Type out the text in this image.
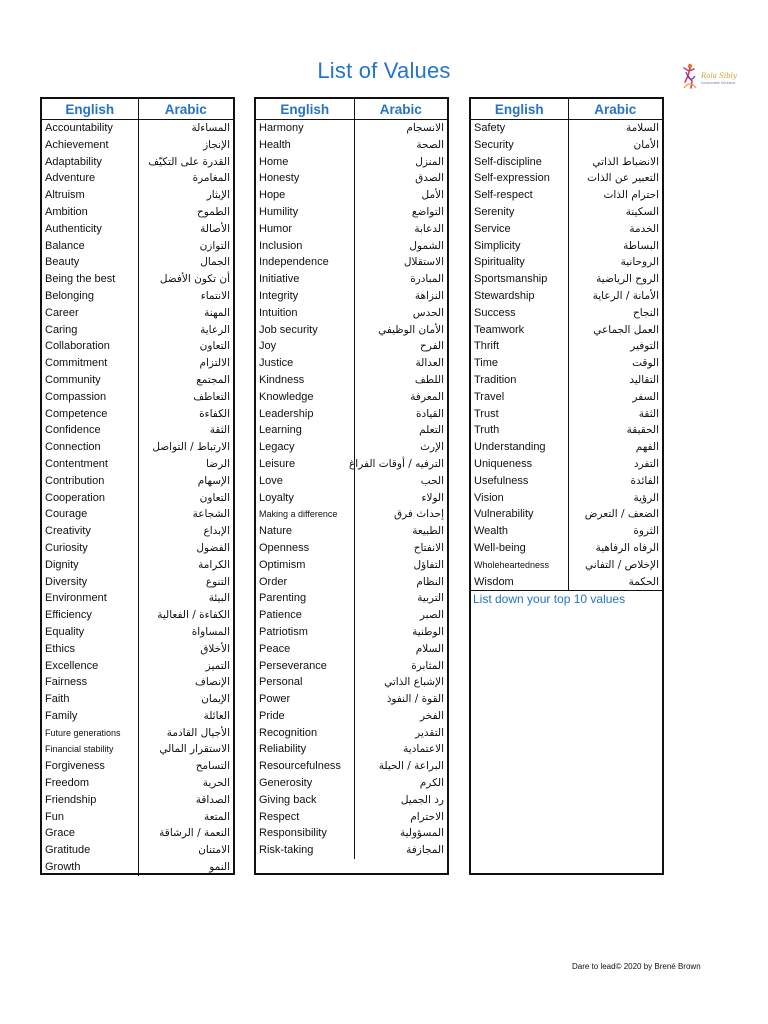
List of Values	Rola Sibly
Sustainable Solutions
English	Arabic
Accountability	المساءلة
Achievement	الإنجاز
Adaptability	القدرة على التكيّف
Adventure	المغامرة
Altruism	الإيثار
Ambition	الطموح
Authenticity	الأصالة
Balance	التوازن
Beauty	الجمال
Being the best	أن تكون الأفضل
Belonging	الانتماء
Career	المهنة
Caring	الرعاية
Collaboration	التعاون
Commitment	الالتزام
Community	المجتمع
Compassion	التعاطف
Competence	الكفاءة
Confidence	الثقة
Connection	الارتباط / التواصل
Contentment	الرضا
Contribution	الإسهام
Cooperation	التعاون
Courage	الشجاعة
Creativity	الإبداع
Curiosity	الفضول
Dignity	الكرامة
Diversity	التنوع
Environment	البيئة
Efficiency	الكفاءة / الفعالية
Equality	المساواة
Ethics	الأخلاق
Excellence	التميز
Fairness	الإنصاف
Faith	الإيمان
Family	العائلة
Future generations	الأجيال القادمة
Financial stability	الاستقرار المالي
Forgiveness	التسامح
Freedom	الحرية
Friendship	الصداقة
Fun	المتعة
Grace	النعمة / الرشاقة
Gratitude	الامتنان
Growth	النمو
English	Arabic
Harmony	الانسجام
Health	الصحة
Home	المنزل
Honesty	الصدق
Hope	الأمل
Humility	التواضع
Humor	الدعابة
Inclusion	الشمول
Independence	الاستقلال
Initiative	المبادرة
Integrity	النزاهة
Intuition	الحدس
Job security	الأمان الوظيفي
Joy	الفرح
Justice	العدالة
Kindness	اللطف
Knowledge	المعرفة
Leadership	القيادة
Learning	التعلم
Legacy	الإرث
Leisure	الترفيه / أوقات الفراغ
Love	الحب
Loyalty	الولاء
Making a difference	إحداث فرق
Nature	الطبيعة
Openness	الانفتاح
Optimism	التفاؤل
Order	النظام
Parenting	التربية
Patience	الصبر
Patriotism	الوطنية
Peace	السلام
Perseverance	المثابرة
Personal	الإشباع الذاتي
Power	القوة / النفوذ
Pride	الفخر
Recognition	التقدير
Reliability	الاعتمادية
Resourcefulness	البراعة / الحيلة
Generosity	الكرم
Giving back	رد الجميل
Respect	الاحترام
Responsibility	المسؤولية
Risk-taking	المجازفة
English	Arabic
Safety	السلامة
Security	الأمان
Self-discipline	الانضباط الذاتي
Self-expression	التعبير عن الذات
Self-respect	احترام الذات
Serenity	السكينة
Service	الخدمة
Simplicity	البساطة
Spirituality	الروحانية
Sportsmanship	الروح الرياضية
Stewardship	الأمانة / الرعاية
Success	النجاح
Teamwork	العمل الجماعي
Thrift	التوفير
Time	الوقت
Tradition	التقاليد
Travel	السفر
Trust	الثقة
Truth	الحقيقة
Understanding	الفهم
Uniqueness	التفرد
Usefulness	الفائدة
Vision	الرؤية
Vulnerability	الضعف / التعرض
Wealth	الثروة
Well-being	الرفاه الرفاهية
Wholeheartedness	الإخلاص / التفاني
Wisdom	الحكمة
List down your top 10 values
Dare to lead© 2020 by Brené Brown
